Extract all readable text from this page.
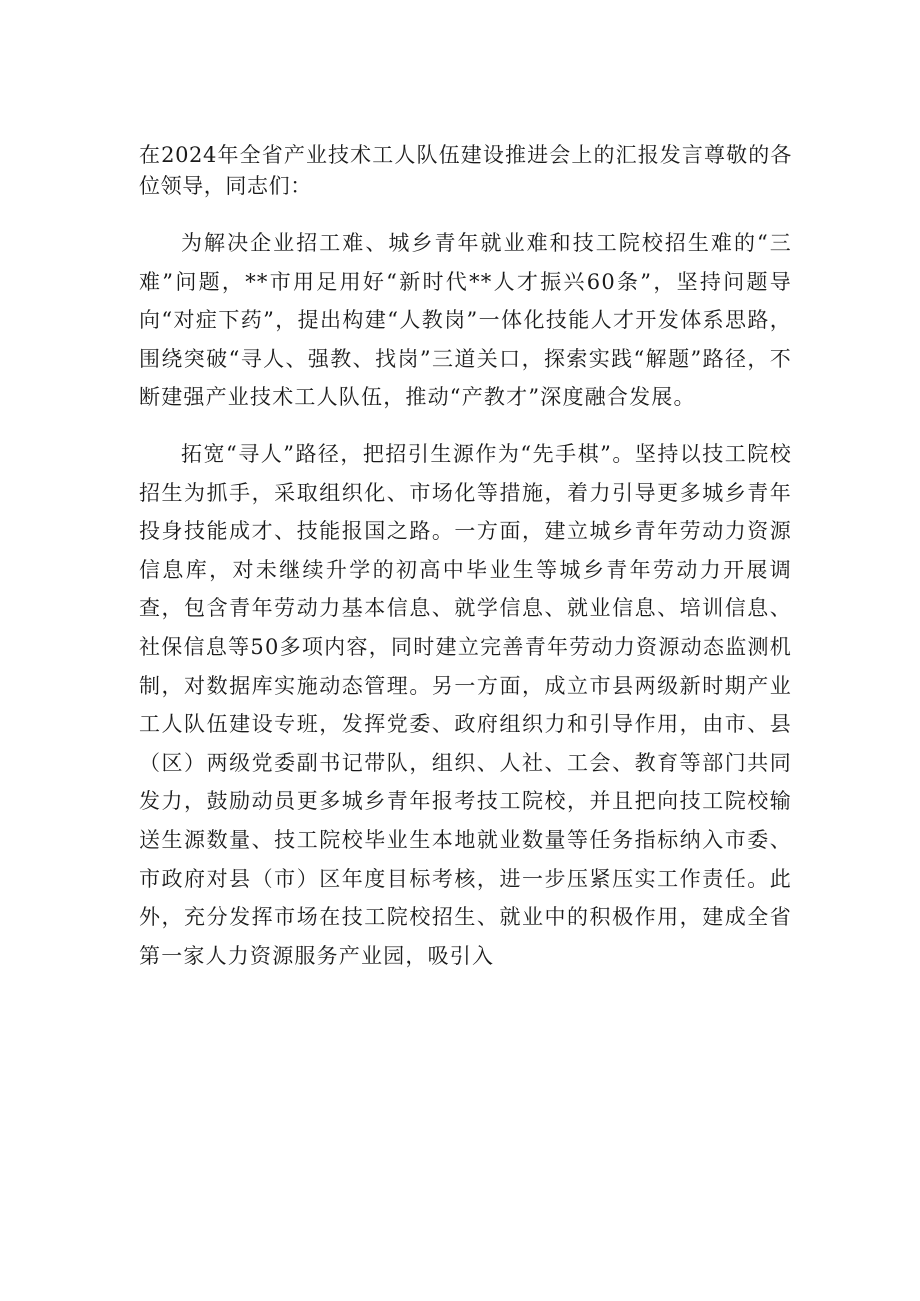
在2024年全省产业技术工人队伍建设推进会上的汇报发言尊敬的各位领导，同志们：

为解决企业招工难、城乡青年就业难和技工院校招生难的“三难”问题，**市用足用好“新时代**人才振兴60条”，坚持问题导向“对症下药”，提出构建“人教岗”一体化技能人才开发体系思路，围绕突破“寻人、强教、找岗”三道关口，探索实践“解题”路径，不断建强产业技术工人队伍，推动“产教才”深度融合发展。

拓宽“寻人”路径，把招引生源作为“先手棋”。坚持以技工院校招生为抓手，采取组织化、市场化等措施，着力引导更多城乡青年投身技能成才、技能报国之路。一方面，建立城乡青年劳动力资源信息库，对未继续升学的初高中毕业生等城乡青年劳动力开展调查，包含青年劳动力基本信息、就学信息、就业信息、培训信息、社保信息等50多项内容，同时建立完善青年劳动力资源动态监测机制，对数据库实施动态管理。另一方面，成立市县两级新时期产业工人队伍建设专班，发挥党委、政府组织力和引导作用，由市、县（区）两级党委副书记带队，组织、人社、工会、教育等部门共同发力，鼓励动员更多城乡青年报考技工院校，并且把向技工院校输送生源数量、技工院校毕业生本地就业数量等任务指标纳入市委、市政府对县（市）区年度目标考核，进一步压紧压实工作责任。此外，充分发挥市场在技工院校招生、就业中的积极作用，建成全省第一家人力资源服务产业园，吸引入
